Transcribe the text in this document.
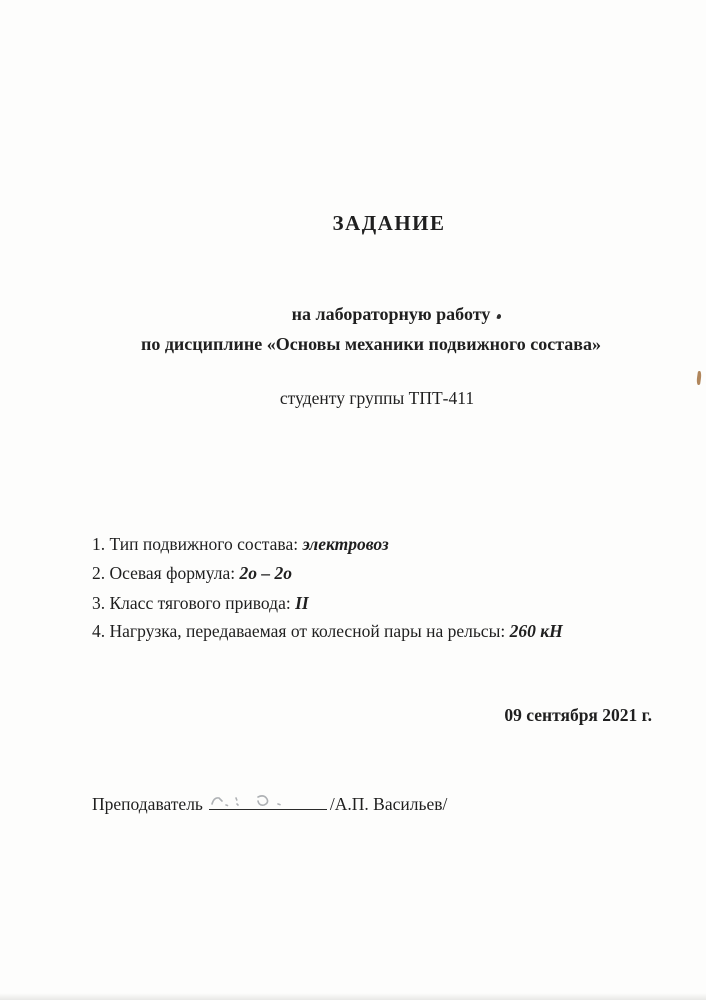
ЗАДАНИЕ
на лабораторную работу
по дисциплине «Основы механики подвижного состава»
студенту группы ТПТ-411
1. Тип подвижного состава: электровоз
2. Осевая формула: 2о – 2о
3. Класс тягового привода: II
4. Нагрузка, передаваемая от колесной пары на рельсы: 260 кН
09 сентября 2021 г.
Преподаватель	/А.П. Васильев/
